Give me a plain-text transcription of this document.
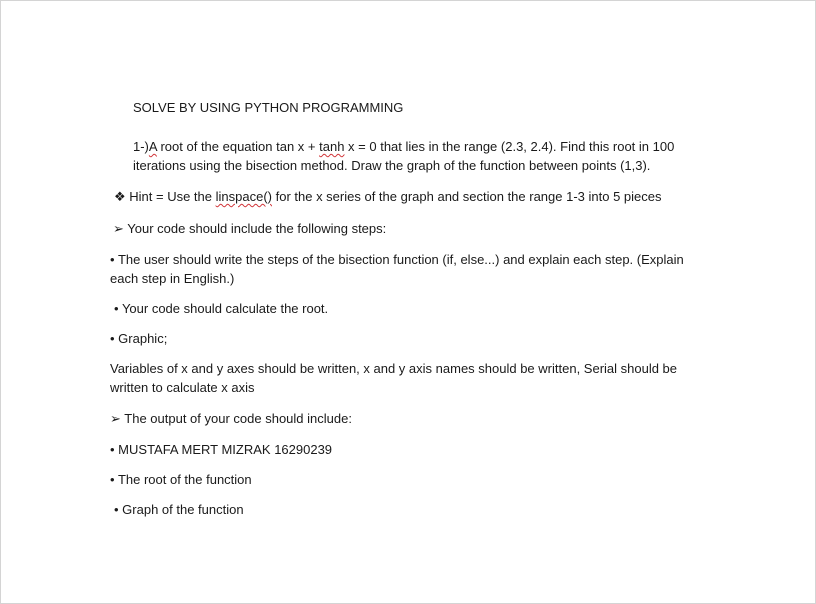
SOLVE BY USING PYTHON PROGRAMMING
1-)A root of the equation tan x + tanh x = 0 that lies in the range (2.3, 2.4). Find this root in 100
iterations using the bisection method. Draw the graph of the function between points (1,3).
❖ Hint = Use the linspace() for the x series of the graph and section the range 1-3 into 5 pieces
➢ Your code should include the following steps:
• The user should write the steps of the bisection function (if, else...) and explain each step. (Explain
each step in English.)
• Your code should calculate the root.
• Graphic;
Variables of x and y axes should be written, x and y axis names should be written, Serial should be
written to calculate x axis
➢ The output of your code should include:
• MUSTAFA MERT MIZRAK 16290239
• The root of the function
• Graph of the function
